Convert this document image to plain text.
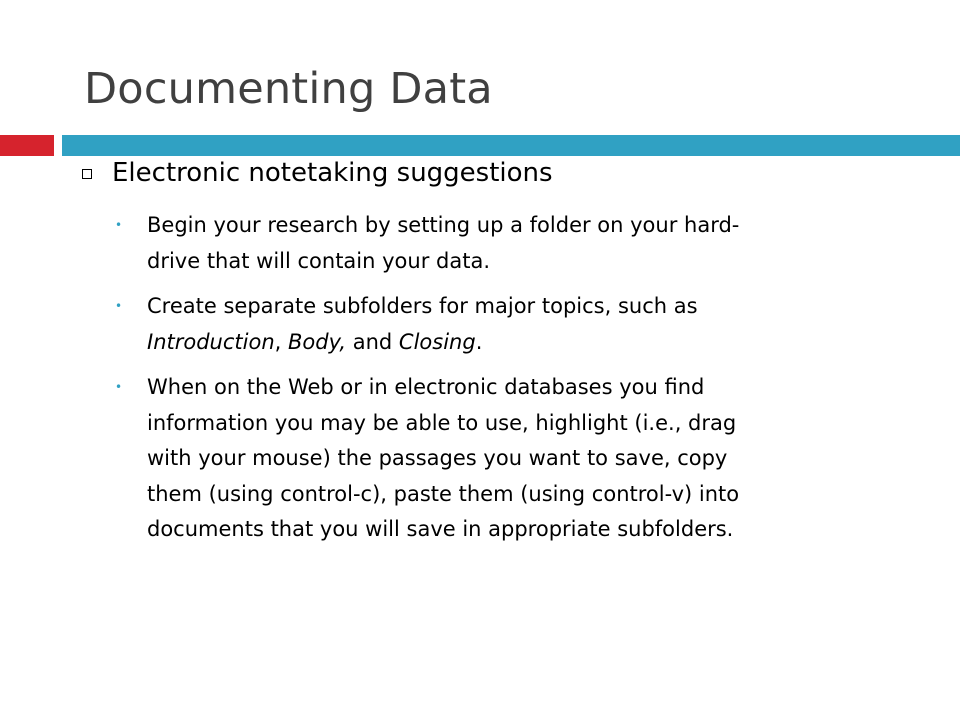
Documenting Data
Electronic notetaking suggestions
• Begin your research by setting up a folder on your hard-
drive that will contain your data.
• Create separate subfolders for major topics, such as
Introduction, Body, and Closing.
• When on the Web or in electronic databases you find
information you may be able to use, highlight (i.e., drag
with your mouse) the passages you want to save, copy
them (using control-c), paste them (using control-v) into
documents that you will save in appropriate subfolders.
